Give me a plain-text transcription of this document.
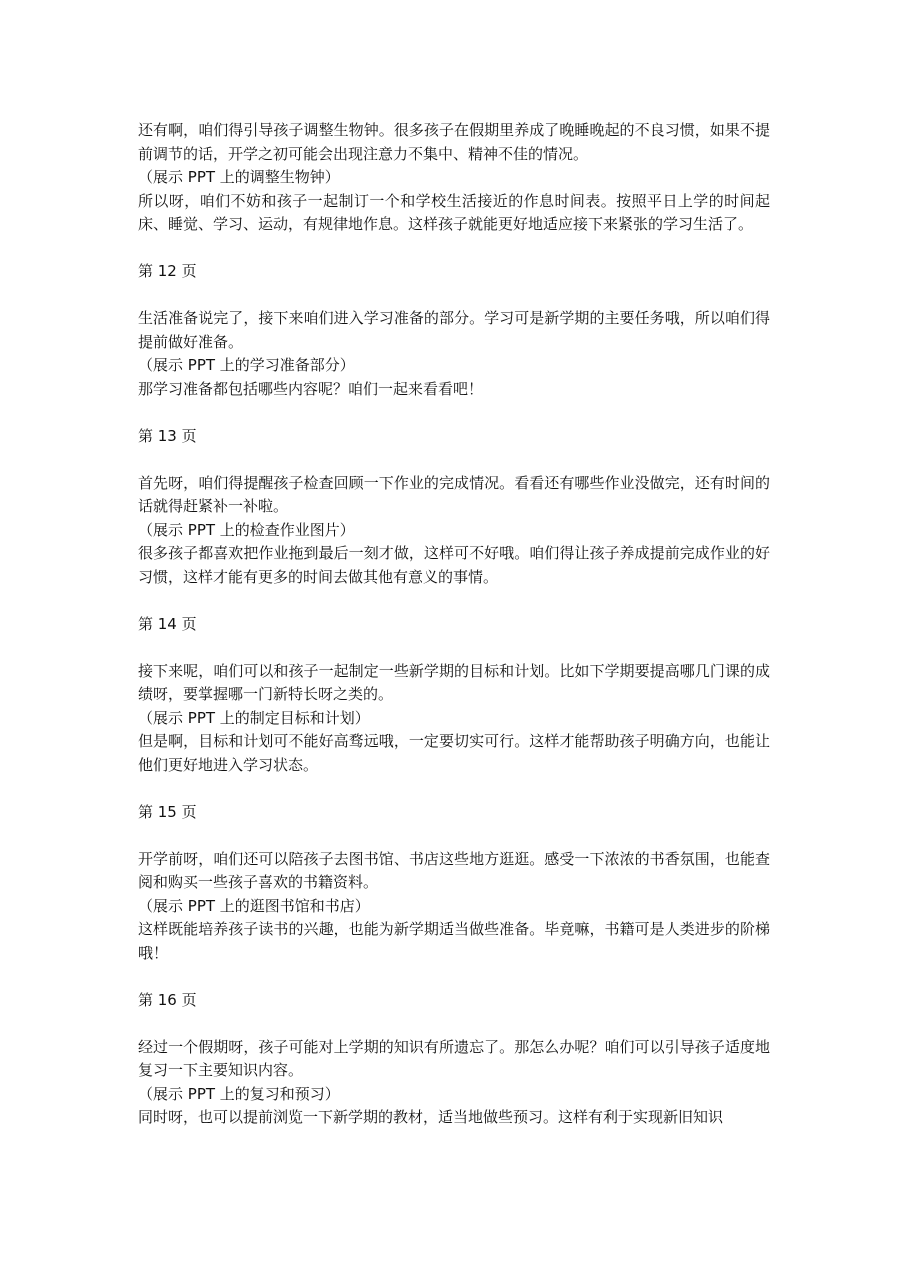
还有啊，咱们得引导孩子调整生物钟。很多孩子在假期里养成了晚睡晚起的不良习惯，如果不提前调节的话，开学之初可能会出现注意力不集中、精神不佳的情况。

（展示 PPT 上的调整生物钟）

所以呀，咱们不妨和孩子一起制订一个和学校生活接近的作息时间表。按照平日上学的时间起床、睡觉、学习、运动，有规律地作息。这样孩子就能更好地适应接下来紧张的学习生活了。

第 12 页

生活准备说完了，接下来咱们进入学习准备的部分。学习可是新学期的主要任务哦，所以咱们得提前做好准备。

（展示 PPT 上的学习准备部分）

那学习准备都包括哪些内容呢？咱们一起来看看吧！

第 13 页

首先呀，咱们得提醒孩子检查回顾一下作业的完成情况。看看还有哪些作业没做完，还有时间的话就得赶紧补一补啦。

（展示 PPT 上的检查作业图片）

很多孩子都喜欢把作业拖到最后一刻才做，这样可不好哦。咱们得让孩子养成提前完成作业的好习惯，这样才能有更多的时间去做其他有意义的事情。

第 14 页

接下来呢，咱们可以和孩子一起制定一些新学期的目标和计划。比如下学期要提高哪几门课的成绩呀，要掌握哪一门新特长呀之类的。

（展示 PPT 上的制定目标和计划）

但是啊，目标和计划可不能好高骛远哦，一定要切实可行。这样才能帮助孩子明确方向，也能让他们更好地进入学习状态。

第 15 页

开学前呀，咱们还可以陪孩子去图书馆、书店这些地方逛逛。感受一下浓浓的书香氛围，也能查阅和购买一些孩子喜欢的书籍资料。

（展示 PPT 上的逛图书馆和书店）

这样既能培养孩子读书的兴趣，也能为新学期适当做些准备。毕竟嘛，书籍可是人类进步的阶梯哦！

第 16 页

经过一个假期呀，孩子可能对上学期的知识有所遗忘了。那怎么办呢？咱们可以引导孩子适度地复习一下主要知识内容。

（展示 PPT 上的复习和预习）

同时呀，也可以提前浏览一下新学期的教材，适当地做些预习。这样有利于实现新旧知识
